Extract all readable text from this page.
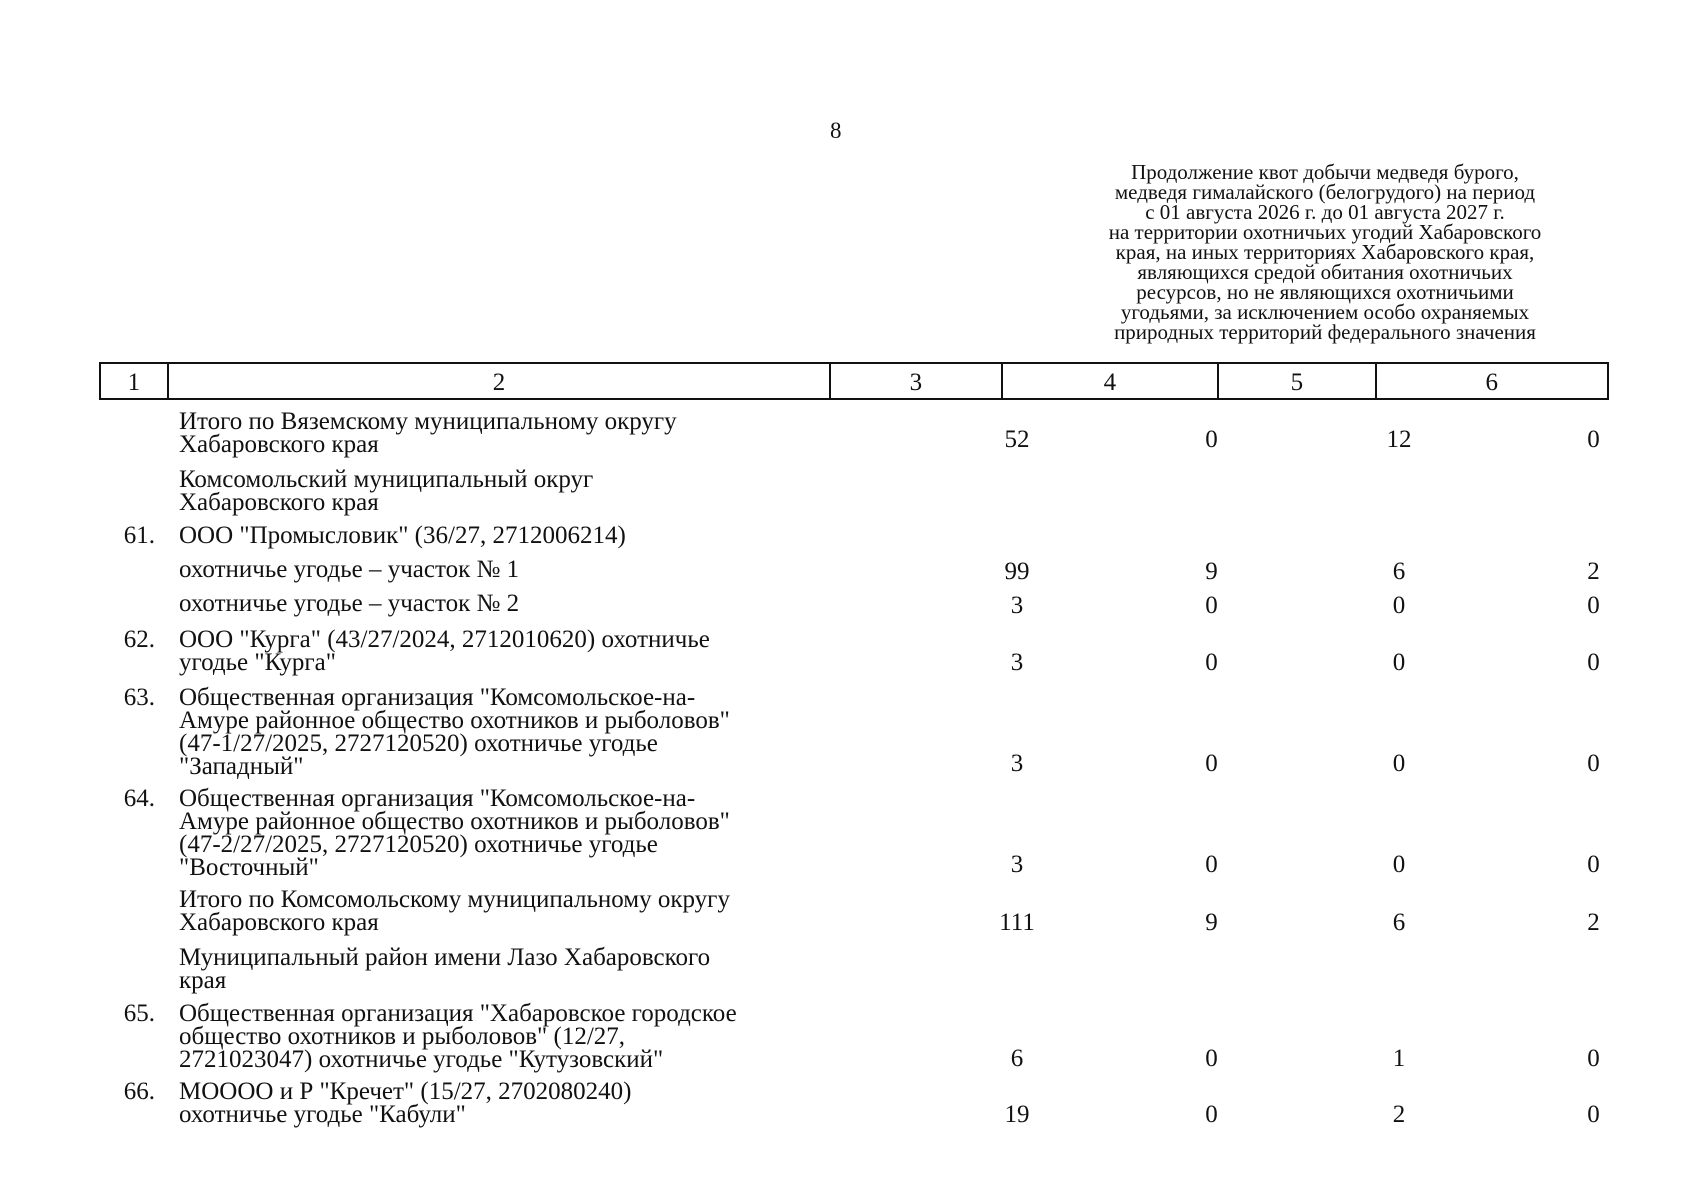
8
Продолжение квот добычи медведя бурого,
медведя гималайского (белогрудого) на период
с 01 августа 2026 г. до 01 августа 2027 г.
на территории охотничьих угодий Хабаровского
края, на иных территориях Хабаровского края,
являющихся средой обитания охотничьих
ресурсов, но не являющихся охотничьими
угодьями, за исключением особо охраняемых
природных территорий федерального значения
1	2	3	4	5	6
Итого по Вяземскому муниципальному округу
Хабаровского края	52	0	12	0
Комсомольский муниципальный округ
Хабаровского края
61. ООО "Промысловик" (36/27, 2712006214)
охотничье угодье – участок № 1	99	9	6	2
охотничье угодье – участок № 2	3	0	0	0
62. ООО "Курга" (43/27/2024, 2712010620) охотничье
угодье "Курга"	3	0	0	0
63. Общественная организация "Комсомольское-на-
Амуре районное общество охотников и рыболовов"
(47-1/27/2025, 2727120520) охотничье угодье
"Западный"	3	0	0	0
64. Общественная организация "Комсомольское-на-
Амуре районное общество охотников и рыболовов"
(47-2/27/2025, 2727120520) охотничье угодье
"Восточный"	3	0	0	0
Итого по Комсомольскому муниципальному округу
Хабаровского края	111	9	6	2
Муниципальный район имени Лазо Хабаровского
края
65. Общественная организация "Хабаровское городское
общество охотников и рыболовов" (12/27,
2721023047) охотничье угодье "Кутузовский"	6	0	1	0
66. МОООО и Р "Кречет" (15/27, 2702080240)
охотничье угодье "Кабули"	19	0	2	0
